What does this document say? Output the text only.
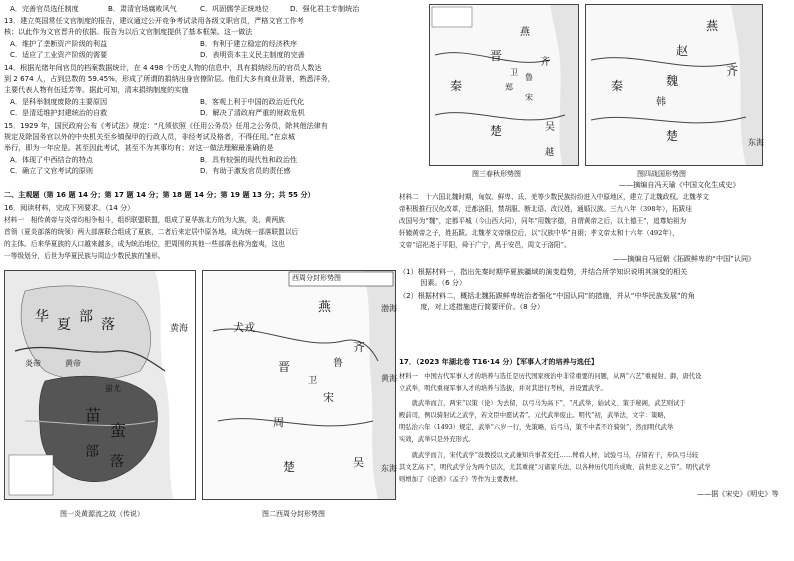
A．完善官员选任制度	B．肃清官场腐败风气	C．巩固儒学正统地位	D．强化君主专制统治
13．建立英国常任文官制度的报告，建议通过公开竞争考试录用各级文职官员，严格文官工作考
核；以此作为文官晋升的依据。报告为以后文官制度提供了基本框架。这一做法
A．维护了垄断资产阶级的利益	B．有利于建立稳定的经济秩序
C．适应了工业资产阶级的需要	D．表明资本主义民主制度的完善
14．根据光绪年间官员的档案数据统计，在 4 498 个历史人物的信息中，具有捐纳经历的官员人数达
到 2 674 人，占到总数的 59.45%，形成了所谓的捐纳出身官僚阶层。他们大多有商业背景，熟悉洋务，
主要代表人物有伍廷芳等。据此可知，清末捐纳制度的实施
A．是科举制度废除的主要原因	B．客观上利于中国的政治近代化
C．是清廷维护封建统治的自救	D．解决了清政府严重的财政危机
15．1929 年，国民政府公布《考试法》规定：“凡须依照《任用公务员》任用之公务员，除其他法律有
规定及除国务官以外的中央机关至乡镇保甲的行政人员，非经考试及格者，不得任用。”在京城
举行，即为一年应是。甚至因此考试，甚至不为其事均有；对这一做法理解最准确的是
A．体现了中西结合的特点	B．具有较强的现代性和政治性
C．确立了文官考试的原则	D．有助于激发官员的责任感
二、主观题（第 16 题 14 分；第 17 题 14 分；第 18 题 14 分；第 19 题 13 分；共 55 分）
16．阅读材料，完成下列要求。（14 分）
材料一　相传黄帝与炎帝均相争相斗，组织联盟联盟，组成了夏华族北方的为大族，炎、黄两族
首领（夏炎部落的统领）两大部落联合组成了夏族，二者后来定居中原各地，成为统一部落联盟以后
的主体。后来华夏族的人口越来越多，成为统治地位，把周围的其他一些部落也称为蛮夷，这也
一等级划分，后世为华夏民族与周边少数民族的雏形。
华 夏 部 落
炎帝	黄帝
蚩尤
苗
蛮
部
落
黄海
图一炎黄源流之故（传说）
燕
齐
鲁
晋
宋
卫
周
楚	吴
犬戎
渤海
黄海
东海
图二西周分封形势图
西周分封形势图
燕
齐
晋
秦
楚	吴
越
鲁
郑
宋
卫
图三春秋形势图
燕
赵
齐
魏
韩
秦
楚	东海
图四战国形势图
——摘编自冯天瑜《中国文化生成史》
材料二　十六国北魏时期，匈奴、鲜卑、氐、羌等少数民族纷纷进入中原地区，建立了北魏政权。北魏孝文
帝积极推行汉化改革，迁都洛阳，禁胡服、断北语、改汉姓，通婚汉族。三九八年（398年），拓跋珪
改国号为“魏”，定都平城（今山西大同），同年“用魏字德，自谓黄帝之后，以土德王”，追尊始祖为
轩辕黄帝之子，姓拓跋。北魏孝文帝继位后，以“汉族中华”自诩；孝文帝太和十六年（492年），
文帝“诏祀尧于平阳，舜于广宁，禹于安邑，周文于洛阳”。
——摘编自马冠朝《拓跋鲜卑的“中国”认同》
（1）根据材料一，指出先秦时期华夏族疆域的演变趋势，并结合所学知识说明其演变的相关
　　　因素。（6 分）
（2）根据材料二，概括北魏拓跋鲜卑统治者强化“中国认同”的措施，并从“中华民族发展”的角
　　　度，对上述措施进行简要评价。（8 分）
17．（2023 年湖北卷 T16·14 分）【军事人才的培养与选任】
材料一　中国古代军事人才的培养与选任是历代国家统治中非常重要的问题，从两“六艺”重视射、御，唐代设
立武举，明代重视军事人才的培养与选拔，并对其进行考核，并设置武学。
　　就武举而言，两宋“以策（论）为去留，以弓马为高下”，“凡武举，始试义、策于秘阁，武艺则试于
殿前司，例以骑射试之武学，若文臣中愿试者”。元代武举废止。明代“初，武举法，文字：策略，
明弘治六年（1493）规定，武举“六岁一行，先策略，后弓马，策不中者不许骑射”，然而明代武举
实效，武举只是外充形式。
　　就武学而言，宋代武学“设教授以文武兼知兵事者充任……俾看人材，试验弓马，存留若干，步队弓马较
其文艺高下”，明代武学分为两个层次，尤其重视“习诸家兵法，以各种历代用兵成败、前世忠义之节”。明代武学
则增加了《论语》《孟子》等作为主要教材。
——据《宋史》《明史》等
